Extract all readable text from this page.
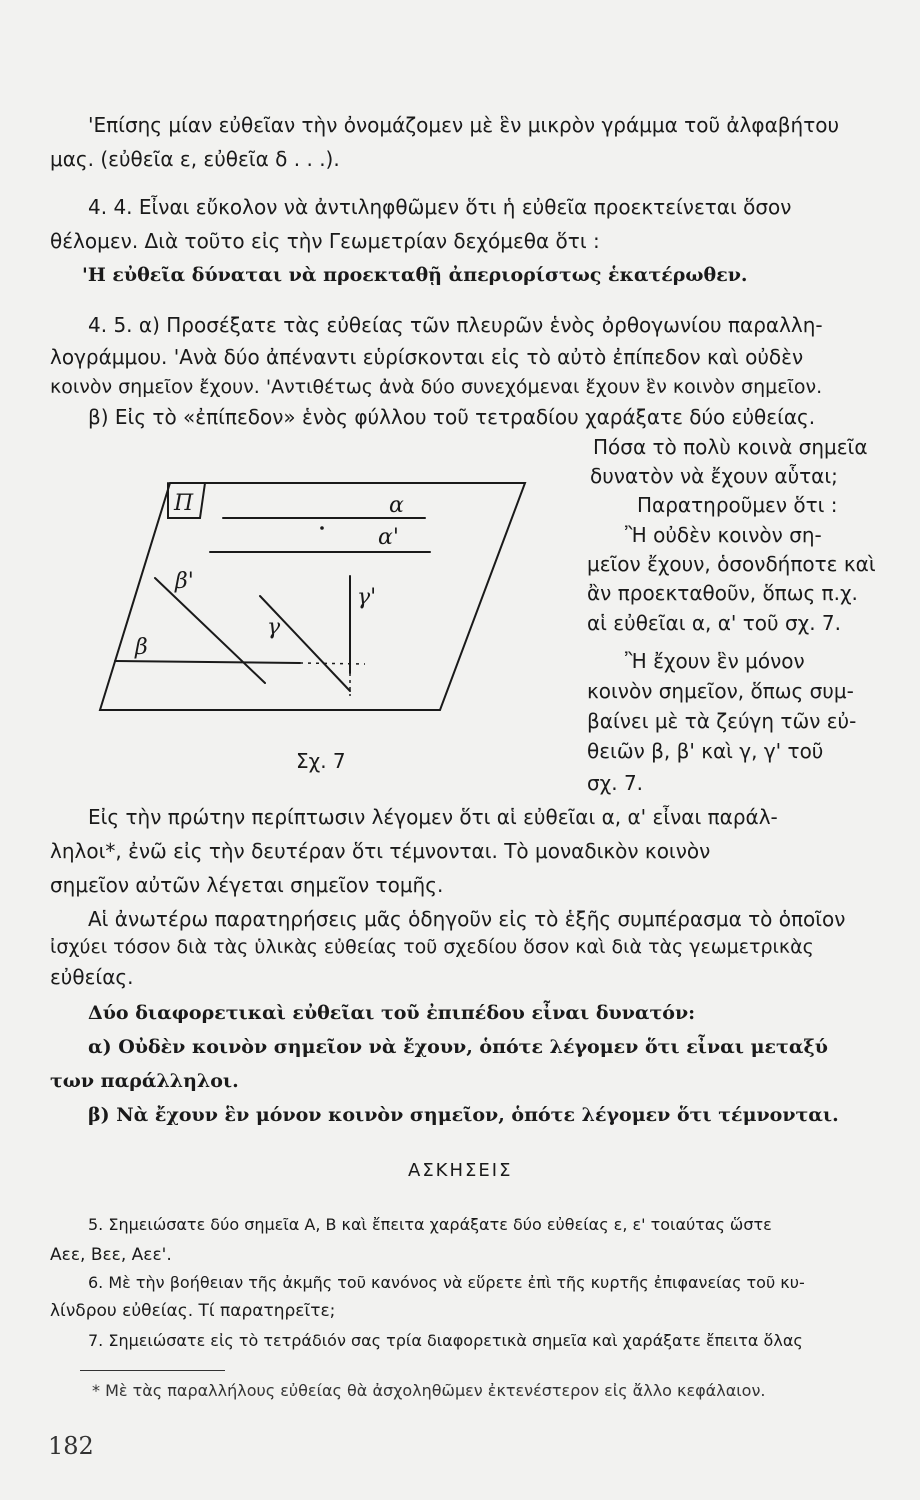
'Επίσης μίαν εὐθεῖαν τὴν ὀνομάζομεν μὲ ἓν μικρὸν γράμμα τοῦ ἀλφαβήτου
μας. (εὐθεῖα ε, εὐθεῖα δ . . .).
4. 4. Εἶναι εὔκολον νὰ ἀντιληφθῶμεν ὅτι ἡ εὐθεῖα προεκτείνεται ὅσον
θέλομεν. Διὰ τοῦτο εἰς τὴν Γεωμετρίαν δεχόμεθα ὅτι :
'Η εὐθεῖα δύναται νὰ προεκταθῇ ἀπεριορίστως ἑκατέρωθεν.
4. 5. α) Προσέξατε τὰς εὐθείας τῶν πλευρῶν ἑνὸς ὀρθογωνίου παραλλη-
λογράμμου. 'Ανὰ δύο ἀπέναντι εὑρίσκονται εἰς τὸ αὐτὸ ἐπίπεδον καὶ οὐδὲν
κοινὸν σημεῖον ἔχουν. 'Αντιθέτως ἀνὰ δύο συνεχόμεναι ἔχουν ἓν κοινὸν σημεῖον.
β) Εἰς τὸ «ἐπίπεδον» ἑνὸς φύλλου τοῦ τετραδίου χαράξατε δύο εὐθείας.
Πόσα τὸ πολὺ κοινὰ σημεῖα
δυνατὸν νὰ ἔχουν αὗται;
Παρατηροῦμεν ὅτι :
Ἢ οὐδὲν κοινὸν ση-
μεῖον ἔχουν, ὁσονδήποτε καὶ
ἂν προεκταθοῦν, ὅπως π.χ.
αἱ εὐθεῖαι α, α' τοῦ σχ. 7.
Ἢ ἔχουν ἓν μόνον
κοινὸν σημεῖον, ὅπως συμ-
βαίνει μὲ τὰ ζεύγη τῶν εὐ-
θειῶν β, β' καὶ γ, γ' τοῦ
σχ. 7.
Π	α
α'
β'
β
γ
γ'
Σχ. 7
Εἰς τὴν πρώτην περίπτωσιν λέγομεν ὅτι αἱ εὐθεῖαι α, α' εἶναι παράλ-
ληλοι*, ἐνῶ εἰς τὴν δευτέραν ὅτι τέμνονται. Τὸ μοναδικὸν κοινὸν
σημεῖον αὐτῶν λέγεται σημεῖον τομῆς.
Αἱ ἀνωτέρω παρατηρήσεις μᾶς ὁδηγοῦν εἰς τὸ ἑξῆς συμπέρασμα τὸ ὁποῖον
ἰσχύει τόσον διὰ τὰς ὑλικὰς εὐθείας τοῦ σχεδίου ὅσον καὶ διὰ τὰς γεωμετρικὰς
εὐθείας.
Δύο διαφορετικαὶ εὐθεῖαι τοῦ ἐπιπέδου εἶναι δυνατόν:
α) Οὐδὲν κοινὸν σημεῖον νὰ ἔχουν, ὁπότε λέγομεν ὅτι εἶναι μεταξύ
των παράλληλοι.
β) Νὰ ἔχουν ἓν μόνον κοινὸν σημεῖον, ὁπότε λέγομεν ὅτι τέμνονται.
ΑΣΚΗΣΕΙΣ
5. Σημειώσατε δύο σημεῖα Α, Β καὶ ἔπειτα χαράξατε δύο εὐθείας ε, ε' τοιαύτας ὥστε
Αεε, Βεε, Αεε'.
6. Μὲ τὴν βοήθειαν τῆς ἀκμῆς τοῦ κανόνος νὰ εὕρετε ἐπὶ τῆς κυρτῆς ἐπιφανείας τοῦ κυ-
λίνδρου εὐθείας. Τί παρατηρεῖτε;
7. Σημειώσατε εἰς τὸ τετράδιόν σας τρία διαφορετικὰ σημεῖα καὶ χαράξατε ἔπειτα ὅλας
* Μὲ τὰς παραλλήλους εὐθείας θὰ ἀσχοληθῶμεν ἐκτενέστερον εἰς ἄλλο κεφάλαιον.
182
